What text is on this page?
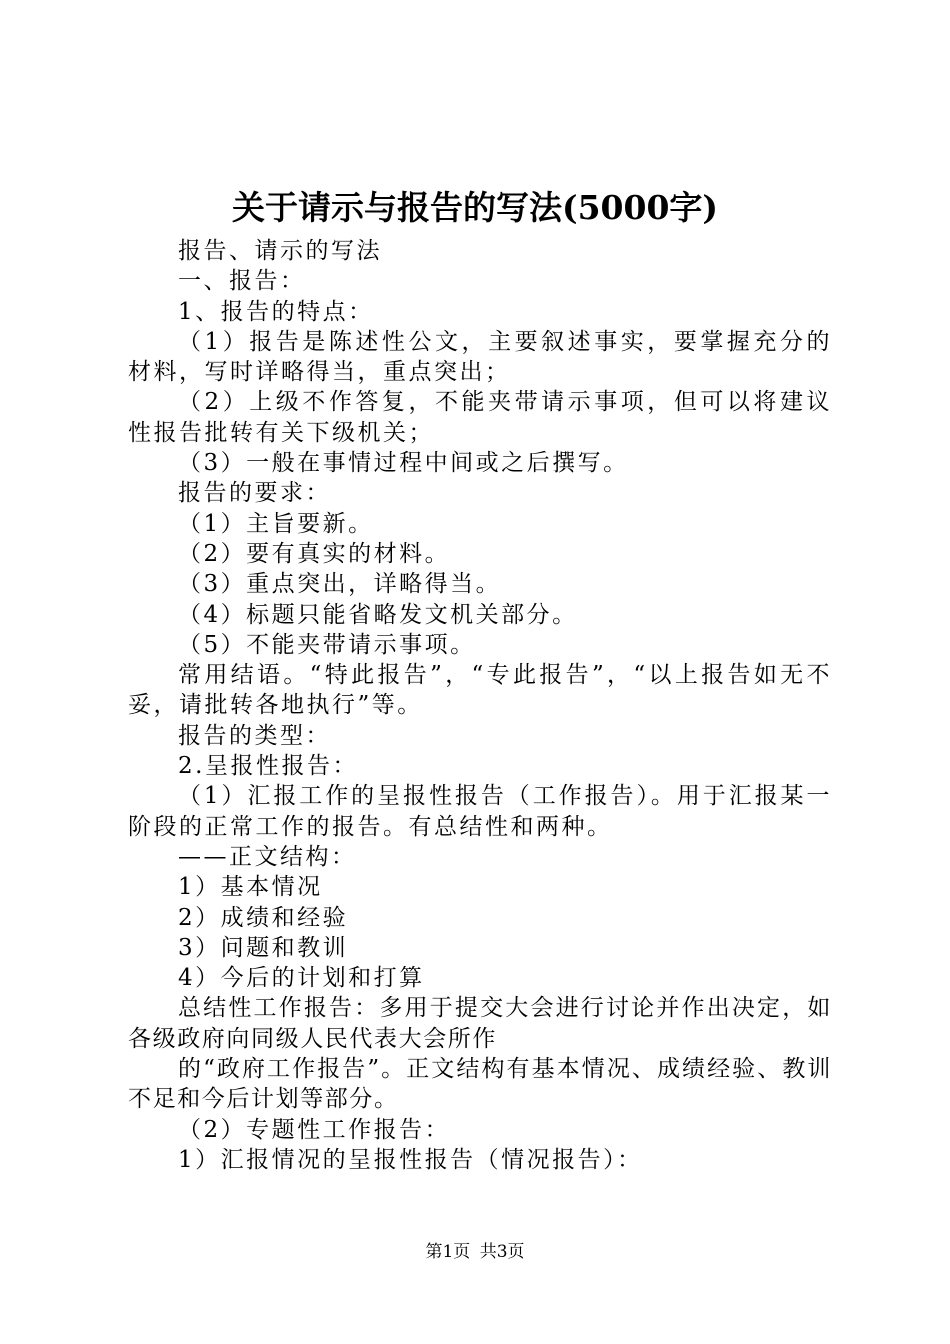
关于请示与报告的写法(5000字)

报告、请示的写法

一、报告：

1、报告的特点：

（1）报告是陈述性公文，主要叙述事实，要掌握充分的材料，写时详略得当，重点突出；

（2）上级不作答复，不能夹带请示事项，但可以将建议性报告批转有关下级机关；

（3）一般在事情过程中间或之后撰写。

报告的要求：

（1）主旨要新。

（2）要有真实的材料。

（3）重点突出，详略得当。

（4）标题只能省略发文机关部分。

（5）不能夹带请示事项。

常用结语。“特此报告”，“专此报告”，“以上报告如无不妥，请批转各地执行”等。

报告的类型：

2.呈报性报告：

（1）汇报工作的呈报性报告（工作报告）。用于汇报某一阶段的正常工作的报告。有总结性和两种。

——正文结构：

1）基本情况

2）成绩和经验

3）问题和教训

4）今后的计划和打算

总结性工作报告：多用于提交大会进行讨论并作出决定，如各级政府向同级人民代表大会所作

的“政府工作报告”。正文结构有基本情况、成绩经验、教训不足和今后计划等部分。

（2）专题性工作报告：

1）汇报情况的呈报性报告（情况报告）：

第1页 共3页
